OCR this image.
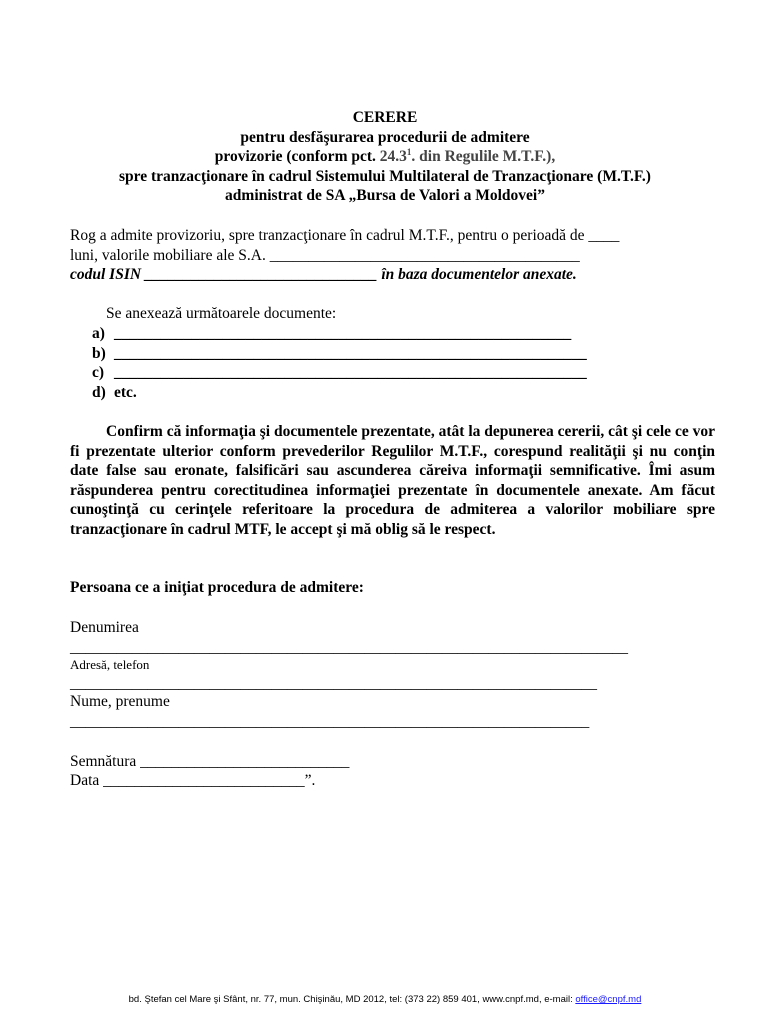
CERERE
pentru desfăşurarea procedurii de admitere
provizorie (conform pct. 24.3$^1$. din Regulile M.T.F.),
spre tranzacţionare în cadrul Sistemului Multilateral de Tranzacţionare (M.T.F.)
administrat de SA „Bursa de Valori a Moldovei”
Rog a admite provizoriu, spre tranzacţionare în cadrul M.T.F., pentru o perioadă de ____
luni, valorile mobiliare ale S.A. ________________________________________
codul ISIN ______________________________ în baza documentelor anexate.
Se anexează următoarele documente:
a) ___________________________________________________________
b) _____________________________________________________________
c) _____________________________________________________________
d) etc.
Confirm că informaţia şi documentele prezentate, atât la depunerea cererii, cât şi cele ce vor fi prezentate ulterior conform prevederilor Regulilor M.T.F., corespund realităţii şi nu conţin date false sau eronate, falsificări sau ascunderea căreiva informaţii semnificative. Îmi asum răspunderea pentru corectitudinea informaţiei prezentate în documentele anexate. Am făcut cunoştinţă cu cerinţele referitoare la procedura de admiterea a valorilor mobiliare spre tranzacţionare în cadrul MTF, le accept şi mă oblig să le respect.
Persoana ce a iniţiat procedura de admitere:
Denumirea
________________________________________________________________________
Adresă, telefon
____________________________________________________________________
Nume, prenume
___________________________________________________________________
Semnătura ___________________________
Data __________________________”.
bd. Ştefan cel Mare şi Sfânt, nr. 77, mun. Chişinău, MD 2012, tel: (373 22) 859 401, www.cnpf.md, e-mail: office@cnpf.md
